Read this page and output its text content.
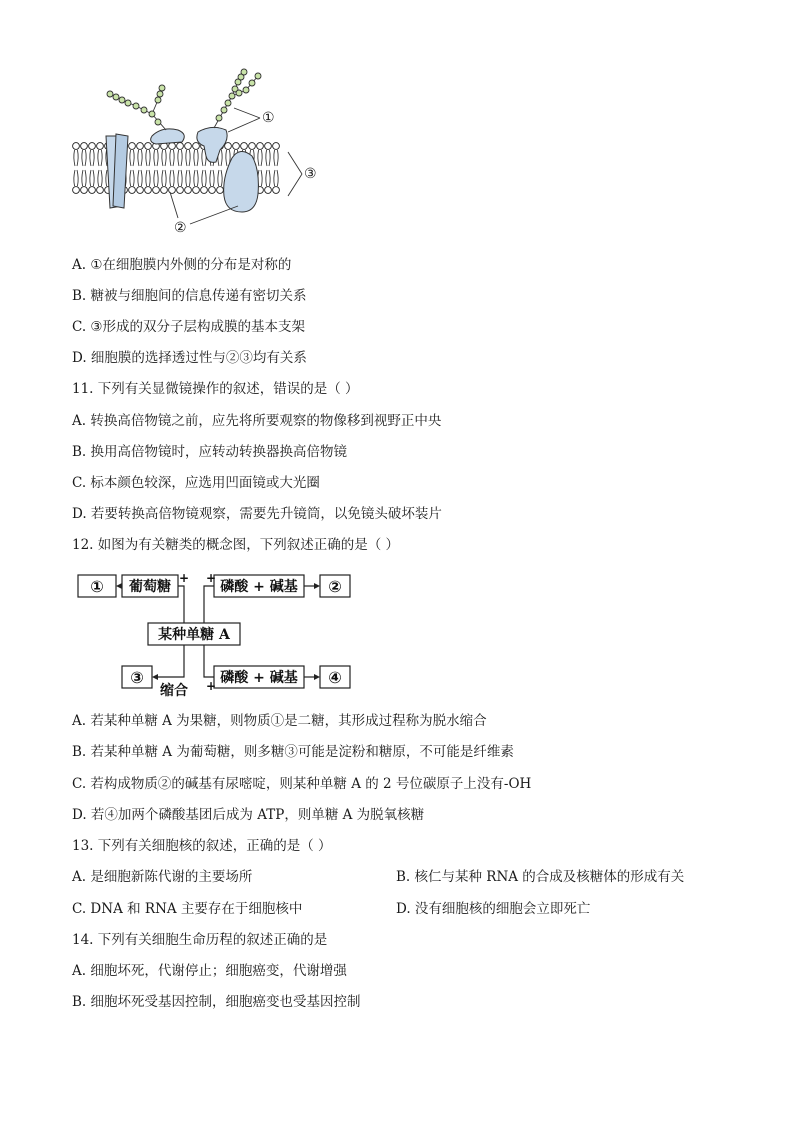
①
③
②
A. ①在细胞膜内外侧的分布是对称的
B. 糖被与细胞间的信息传递有密切关系
C. ③形成的双分子层构成膜的基本支架
D. 细胞膜的选择透过性与②③均有关系
11. 下列有关显微镜操作的叙述，错误的是（ ）
A. 转换高倍物镜之前，应先将所要观察的物像移到视野正中央
B. 换用高倍物镜时，应转动转换器换高倍物镜
C. 标本颜色较深，应选用凹面镜或大光圈
D. 若要转换高倍物镜观察，需要先升镜筒，以免镜头破坏装片
12. 如图为有关糖类的概念图，下列叙述正确的是（ ）
①	②
③	④
葡萄糖	磷酸 + 碱基
某种单糖 A
磷酸 + 碱基
缩合
+ +
+
A. 若某种单糖 A 为果糖，则物质①是二糖，其形成过程称为脱水缩合
B. 若某种单糖 A 为葡萄糖，则多糖③可能是淀粉和糖原，不可能是纤维素
C. 若构成物质②的碱基有尿嘧啶，则某种单糖 A 的 2 号位碳原子上没有-OH
D. 若④加两个磷酸基团后成为 ATP，则单糖 A 为脱氧核糖
13. 下列有关细胞核的叙述，正确的是（ ）
A. 是细胞新陈代谢的主要场所	B. 核仁与某种 RNA 的合成及核糖体的形成有关
C. DNA 和 RNA 主要存在于细胞核中	D. 没有细胞核的细胞会立即死亡
14. 下列有关细胞生命历程的叙述正确的是
A. 细胞坏死，代谢停止；细胞癌变，代谢增强
B. 细胞坏死受基因控制，细胞癌变也受基因控制
